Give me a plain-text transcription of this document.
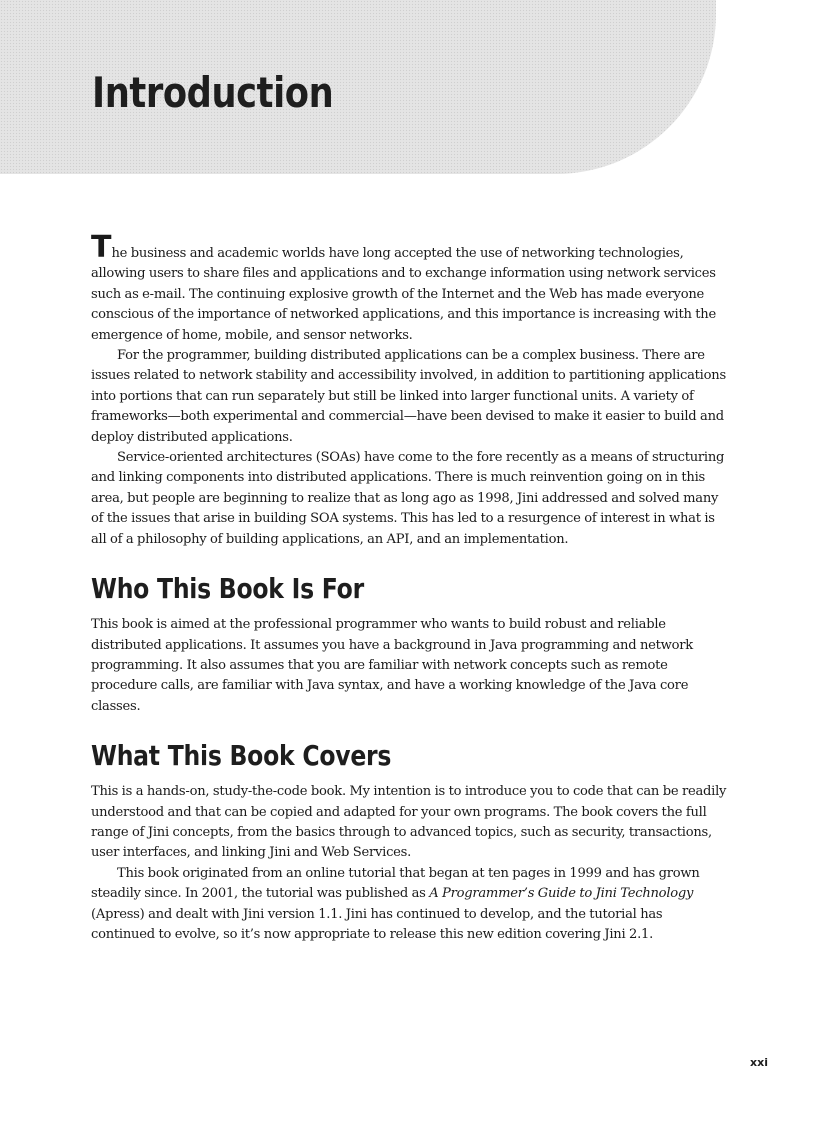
Introduction

The business and academic worlds have long accepted the use of networking technologies, allowing users to share files and applications and to exchange information using network services such as e-mail. The continuing explosive growth of the Internet and the Web has made everyone conscious of the importance of networked applications, and this importance is increasing with the emergence of home, mobile, and sensor networks.

For the programmer, building distributed applications can be a complex business. There are issues related to network stability and accessibility involved, in addition to partitioning applications into portions that can run separately but still be linked into larger functional units. A variety of frameworks—both experimental and commercial—have been devised to make it easier to build and deploy distributed applications.

Service-oriented architectures (SOAs) have come to the fore recently as a means of structuring and linking components into distributed applications. There is much reinvention going on in this area, but people are beginning to realize that as long ago as 1998, Jini addressed and solved many of the issues that arise in building SOA systems. This has led to a resurgence of interest in what is all of a philosophy of building applications, an API, and an implementation.

Who This Book Is For

This book is aimed at the professional programmer who wants to build robust and reliable distributed applications. It assumes you have a background in Java programming and network programming. It also assumes that you are familiar with network concepts such as remote procedure calls, are familiar with Java syntax, and have a working knowledge of the Java core classes.

What This Book Covers

This is a hands-on, study-the-code book. My intention is to introduce you to code that can be readily understood and that can be copied and adapted for your own programs. The book covers the full range of Jini concepts, from the basics through to advanced topics, such as security, transactions, user interfaces, and linking Jini and Web Services.

This book originated from an online tutorial that began at ten pages in 1999 and has grown steadily since. In 2001, the tutorial was published as A Programmer’s Guide to Jini Technology (Apress) and dealt with Jini version 1.1. Jini has continued to develop, and the tutorial has continued to evolve, so it’s now appropriate to release this new edition covering Jini 2.1.

xxi
